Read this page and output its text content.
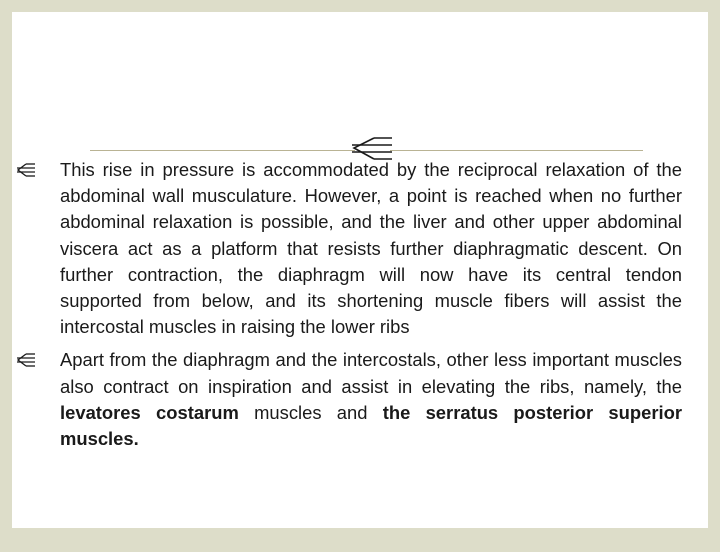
This rise in pressure is accommodated by the reciprocal relaxation of the abdominal wall musculature. However, a point is reached when no further abdominal relaxation is possible, and the liver and other upper abdominal viscera act as a platform that resists further diaphragmatic descent. On further contraction, the diaphragm will now have its central tendon supported from below, and its shortening muscle fibers will assist the intercostal muscles in raising the lower ribs
Apart from the diaphragm and the intercostals, other less important muscles also contract on inspiration and assist in elevating the ribs, namely, the levatores costarum muscles and the serratus posterior superior muscles.
